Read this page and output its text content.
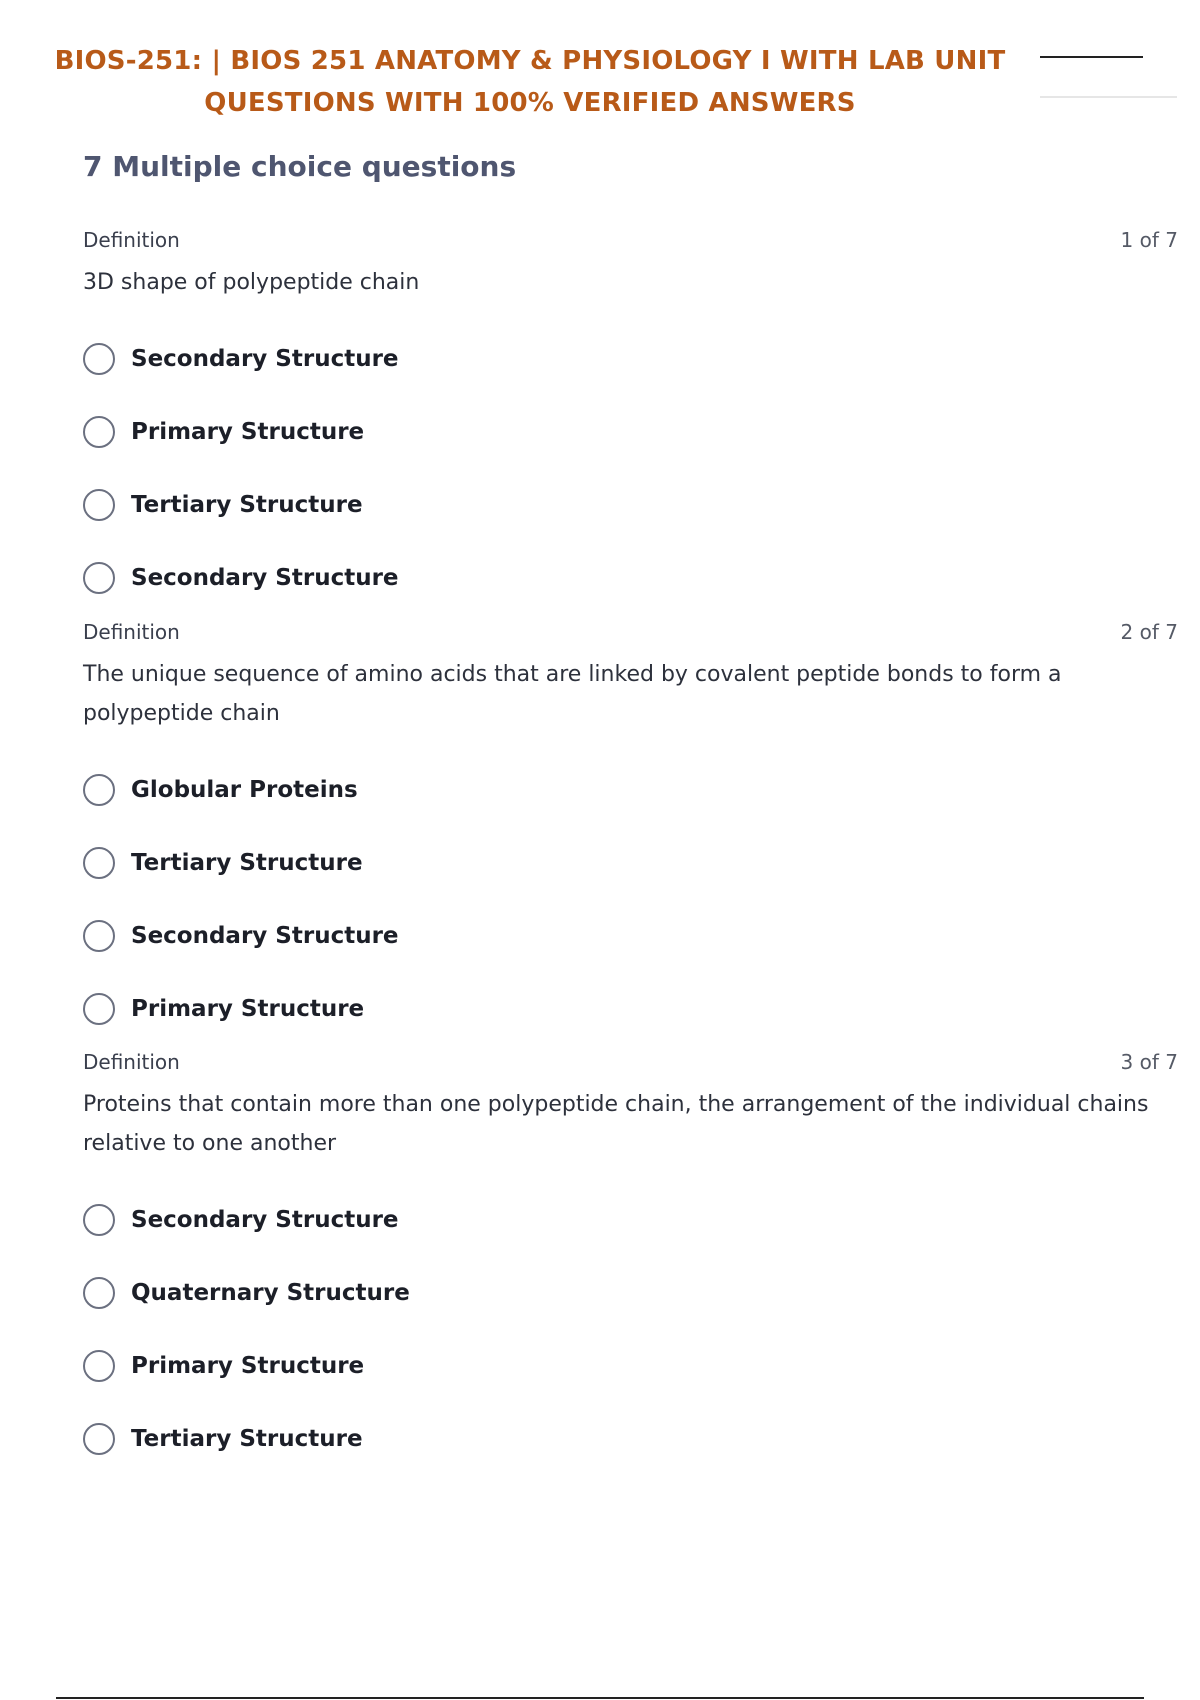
BIOS-251: | BIOS 251 ANATOMY & PHYSIOLOGY I WITH LAB UNIT
QUESTIONS WITH 100% VERIFIED ANSWERS
7 Multiple choice questions
Definition	1 of 7
3D shape of polypeptide chain
Secondary Structure
Primary Structure
Tertiary Structure
Secondary Structure
Definition	2 of 7
The unique sequence of amino acids that are linked by covalent peptide bonds to form a polypeptide chain
Globular Proteins
Tertiary Structure
Secondary Structure
Primary Structure
Definition	3 of 7
Proteins that contain more than one polypeptide chain, the arrangement of the individual chains relative to one another
Secondary Structure
Quaternary Structure
Primary Structure
Tertiary Structure
